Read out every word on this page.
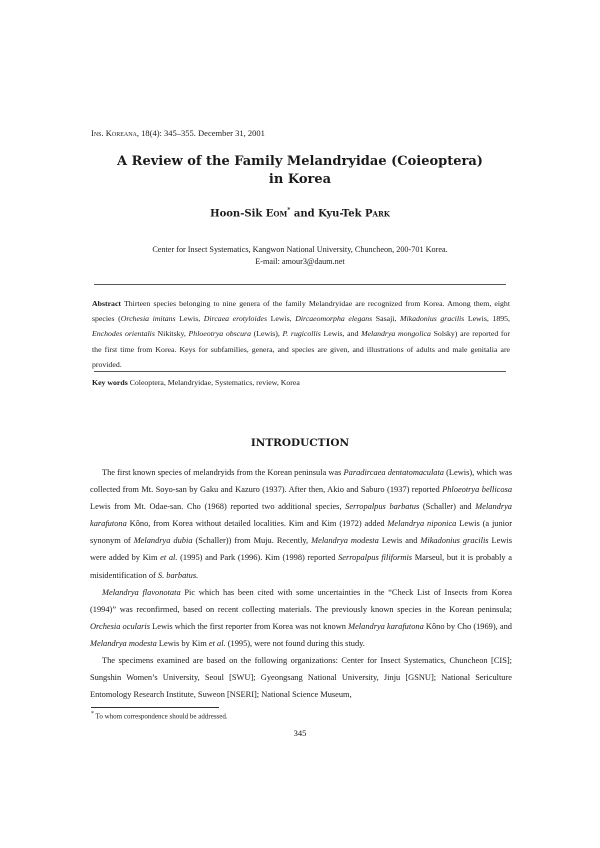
Ins. Koreana, 18(4): 345–355. December 31, 2001
A Review of the Family Melandryidae (Coieoptera)
in Korea
Hoon-Sik Eom* and Kyu-Tek Park
Center for Insect Systematics, Kangwon National University, Chuncheon, 200-701 Korea.
E-mail: amour3@daum.net
Abstract Thirteen species belonging to nine genera of the family Melandryidae are recognized from Korea. Among them, eight species (Orchesia imitans Lewis, Dircaea erotyloides Lewis, Dircaeomorpha elegans Sasaji, Mikadonius gracilis Lewis, 1895, Enchodes orientalis Nikitsky, Phloeotrya obscura (Lewis), P. rugicollis Lewis, and Melandrya mongolica Solsky) are reported for the first time from Korea. Keys for subfamilies, genera, and species are given, and illustrations of adults and male genitalia are provided.
Key words Coleoptera, Melandryidae, Systematics, review, Korea
INTRODUCTION

The first known species of melandryids from the Korean peninsula was Paradircaea dentatomaculata (Lewis), which was collected from Mt. Soyo-san by Gaku and Kazuro (1937). After then, Akio and Saburo (1937) reported Phloeotrya bellicosa Lewis from Mt. Odae-san. Cho (1968) reported two additional species, Serropalpus barbatus (Schaller) and Melandrya karafutona Kôno, from Korea without detailed localities. Kim and Kim (1972) added Melandrya niponica Lewis (a junior synonym of Melandrya dubia (Schaller)) from Muju. Recently, Melandrya modesta Lewis and Mikadonius gracilis Lewis were added by Kim et al. (1995) and Park (1996). Kim (1998) reported Serropalpus filiformis Marseul, but it is probably a misidentification of S. barbatus.

Melandrya flavonotata Pic which has been cited with some uncertainties in the “Check List of Insects from Korea (1994)” was reconfirmed, based on recent collecting materials. The previously known species in the Korean peninsula; Orchesia ocularis Lewis which the first reporter from Korea was not known Melandrya karafutona Kôno by Cho (1969), and Melandrya modesta Lewis by Kim et al. (1995), were not found during this study.

The specimens examined are based on the following organizations: Center for Insect Systematics, Chuncheon [CIS]; Sungshin Women’s University, Seoul [SWU]; Gyeongsang National University, Jinju [GSNU]; National Sericulture Entomology Research Institute, Suweon [NSERI]; National Science Museum,

* To whom correspondence should be addressed.
345
